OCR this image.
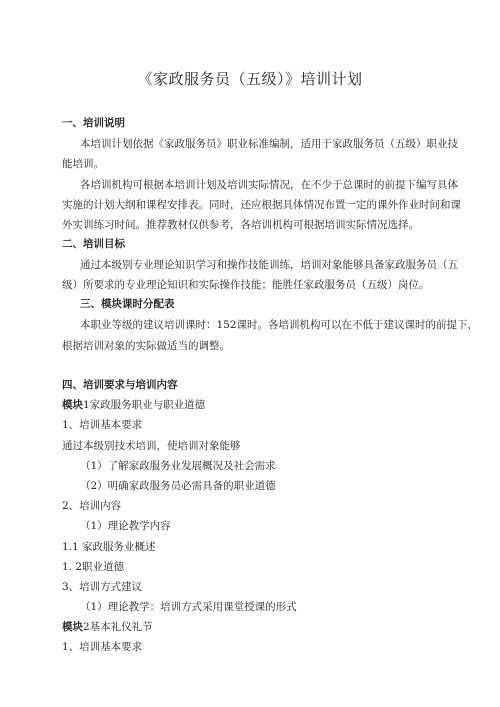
《家政服务员（五级）》培训计划
一、培训说明
本培训计划依据《家政服务员》职业标准编制，适用于家政服务员（五级）职业技
能培训。
各培训机构可根据本培训计划及培训实际情况，在不少于总课时的前提下编写具体
实施的计划大纲和课程安排表。同时，还应根据具体情况布置一定的课外作业时间和课
外实训练习时间。推荐教材仅供参考，各培训机构可根据培训实际情况选择。
二、培训目标
通过本级别专业理论知识学习和操作技能训练，培训对象能够具备家政服务员（五
级）所要求的专业理论知识和实际操作技能；能胜任家政服务员（五级）岗位。
三、模块课时分配表
本职业等级的建议培训课时：152课时。各培训机构可以在不低于建议课时的前提下，
根据培训对象的实际做适当的调整。
四、培训要求与培训内容
模块1家政服务职业与职业道德
1、培训基本要求
通过本级别技术培训，使培训对象能够
（1）了解家政服务业发展概况及社会需求
（2）明确家政服务员必需具备的职业道德
2、培训内容
（1）理论教学内容
1.1 家政服务业概述
1. 2职业道德
3、培训方式建议
（1）理论教学：培训方式采用课堂授课的形式
模块2基本礼仪礼节
1、培训基本要求
